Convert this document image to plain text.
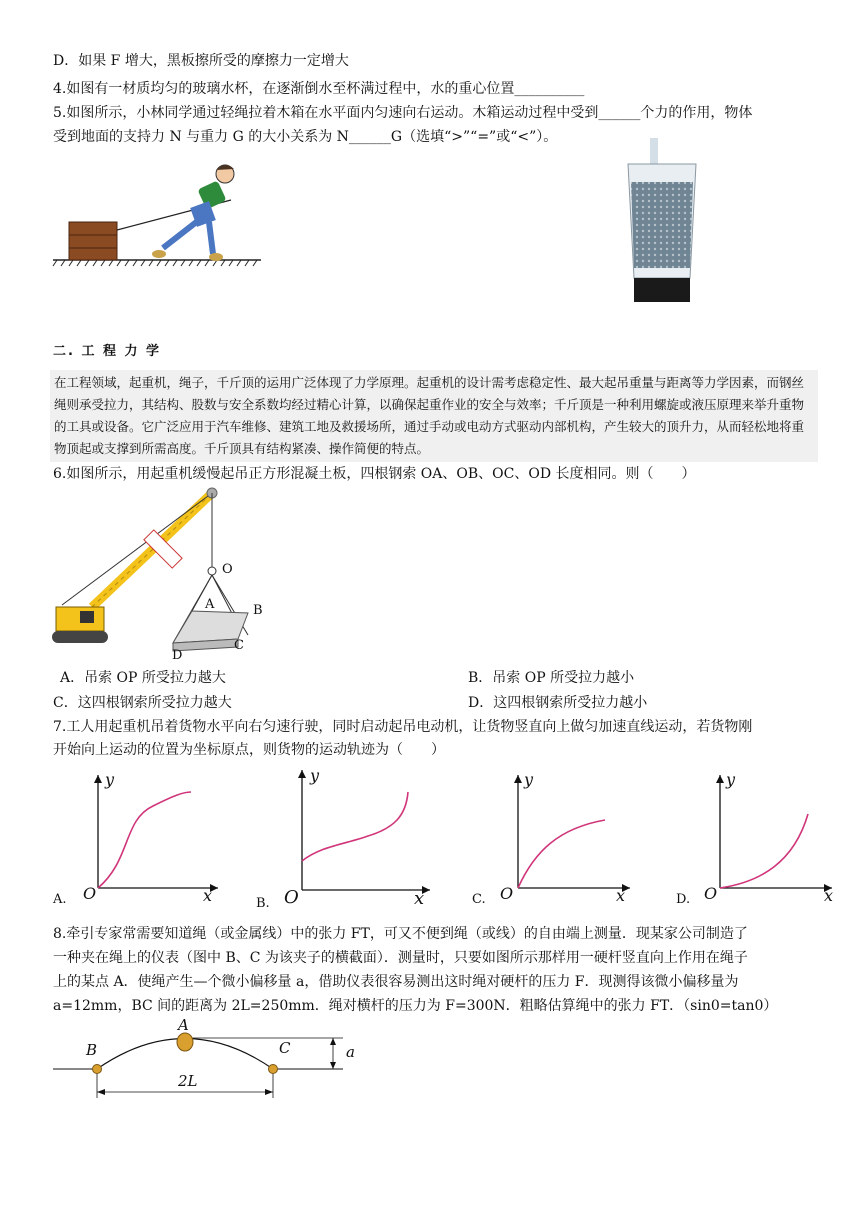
D．如果 F 增大，黑板擦所受的摩擦力一定增大
4.如图有一材质均匀的玻璃水杯，在逐渐倒水至杯满过程中，水的重心位置__________
5.如图所示，小林同学通过轻绳拉着木箱在水平面内匀速向右运动。木箱运动过程中受到______个力的作用，物体
受到地面的支持力 N 与重力 G 的大小关系为 N______G（选填“>”“=”或“<”）。
二. 工 程 力 学
在工程领域，起重机，绳子，千斤顶的运用广泛体现了力学原理。起重机的设计需考虑稳定性、最大起吊重量与距离等力学因素，而钢丝绳则承受拉力，其结构、股数与安全系数均经过精心计算，以确保起重作业的安全与效率；千斤顶是一种利用螺旋或液压原理来举升重物的工具或设备。它广泛应用于汽车维修、建筑工地及救援场所，通过手动或电动方式驱动内部机构，产生较大的顶升力，从而轻松地将重物顶起或支撑到所需高度。千斤顶具有结构紧凑、操作简便的特点。
6.如图所示，用起重机缓慢起吊正方形混凝土板，四根钢索 OA、OB、OC、OD 长度相同。则（　　）
O
A	B
C
D
A．吊索 OP 所受拉力越大	B．吊索 OP 所受拉力越小
C．这四根钢索所受拉力越大	D．这四根钢索所受拉力越小
7.工人用起重机吊着货物水平向右匀速行驶，同时启动起吊电动机，让货物竖直向上做匀加速直线运动，若货物刚
开始向上运动的位置为坐标原点，则货物的运动轨迹为（　　）
A. O
y
x	B. O
y
x	C. O
y
x	D. O
y
x
8.牵引专家常需要知道绳（或金属线）中的张力 FT，可又不便到绳（或线）的自由端上测量．现某家公司制造了
一种夹在绳上的仪表（图中 B、C 为该夹子的横截面）．测量时，只要如图所示那样用一硬杆竖直向上作用在绳子
上的某点 A．使绳产生—个微小偏移量 a，借助仪表很容易测出这时绳对硬杆的压力 F．现测得该微小偏移量为
a=12mm，BC 间的距离为 2L=250mm．绳对横杆的压力为 F=300N．粗略估算绳中的张力 FT．（sin0=tan0）
A
B	C	a
2L
